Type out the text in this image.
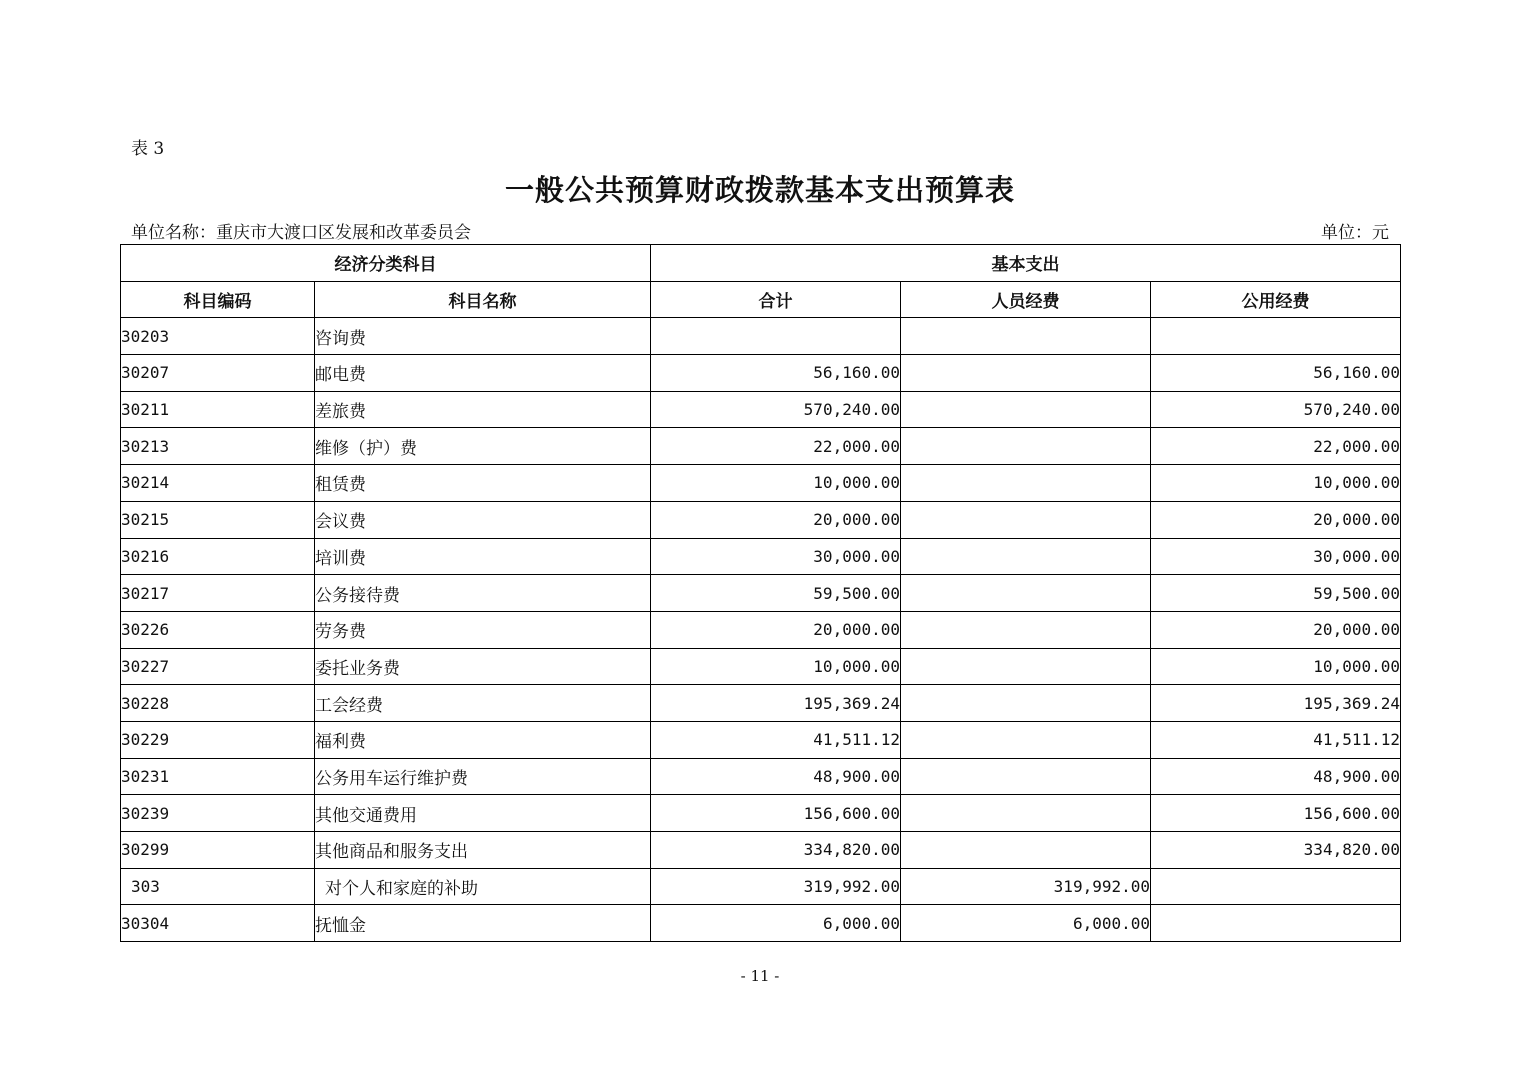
表 3
一般公共预算财政拨款基本支出预算表
单位名称：重庆市大渡口区发展和改革委员会	单位：元
经济分类科目		基本支出		
科目编码	科目名称	合计	人员经费	公用经费
30203	咨询费			
30207	邮电费	56,160.00		56,160.00
30211	差旅费	570,240.00		570,240.00
30213	维修（护）费	22,000.00		22,000.00
30214	租赁费	10,000.00		10,000.00
30215	会议费	20,000.00		20,000.00
30216	培训费	30,000.00		30,000.00
30217	公务接待费	59,500.00		59,500.00
30226	劳务费	20,000.00		20,000.00
30227	委托业务费	10,000.00		10,000.00
30228	工会经费	195,369.24		195,369.24
30229	福利费	41,511.12		41,511.12
30231	公务用车运行维护费	48,900.00		48,900.00
30239	其他交通费用	156,600.00		156,600.00
30299	其他商品和服务支出	334,820.00		334,820.00
303	对个人和家庭的补助	319,992.00	319,992.00	
30304	抚恤金	6,000.00	6,000.00	
- 11 -
